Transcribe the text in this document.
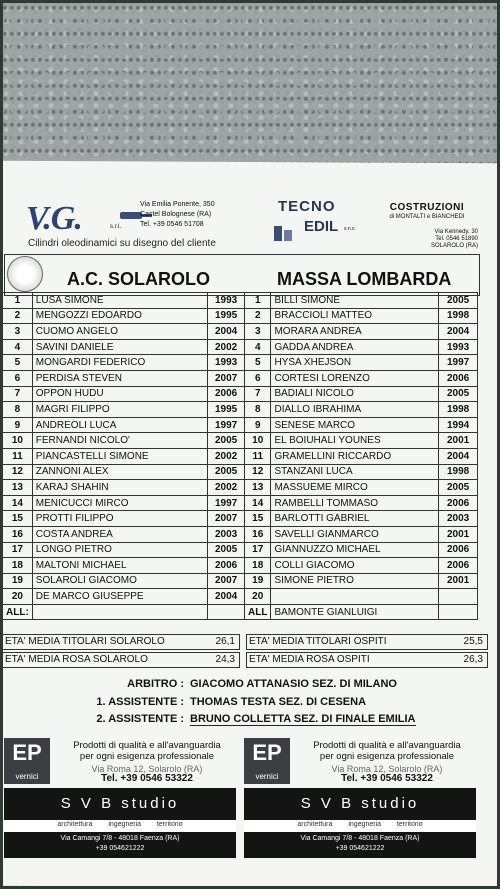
V.G.	s.r.l.
Via Emilia Ponente, 350
Castel Bolognese (RA)
Tel. +39 0546 51708
Cilindri oleodinamici su disegno del cliente
TECNO
EDIL s.n.c.
COSTRUZIONI
di MONTALTI e BIANCHEDI
Via Kennedy, 30
Tel. 0546 51890
SOLAROLO (RA)
A.C. SOLAROLO	MASSA LOMBARDA
1	LUSA SIMONE	1993	1	BILLI SIMONE	2005
2	MENGOZZI EDOARDO	1995	2	BRACCIOLI MATTEO	1998
3	CUOMO ANGELO	2004	3	MORARA ANDREA	2004
4	SAVINI DANIELE	2002	4	GADDA ANDREA	1993
5	MONGARDI FEDERICO	1993	5	HYSA XHEJSON	1997
6	PERDISA STEVEN	2007	6	CORTESI LORENZO	2006
7	OPPON HUDU	2006	7	BADIALI NICOLO	2005
8	MAGRI FILIPPO	1995	8	DIALLO IBRAHIMA	1998
9	ANDREOLI LUCA	1997	9	SENESE MARCO	1994
10	FERNANDI NICOLO'	2005	10	EL BOIUHALI YOUNES	2001
11	PIANCASTELLI SIMONE	2002	11	GRAMELLINI RICCARDO	2004
12	ZANNONI ALEX	2005	12	STANZANI LUCA	1998
13	KARAJ SHAHIN	2002	13	MASSUEME MIRCO	2005
14	MENICUCCI MIRCO	1997	14	RAMBELLI TOMMASO	2006
15	PROTTI FILIPPO	2007	15	BARLOTTI GABRIEL	2003
16	COSTA ANDREA	2003	16	SAVELLI GIANMARCO	2001
17	LONGO PIETRO	2005	17	GIANNUZZO MICHAEL	2006
18	MALTONI MICHAEL	2006	18	COLLI GIACOMO	2006
19	SOLAROLI GIACOMO	2007	19	SIMONE PIETRO	2001
20	DE MARCO GIUSEPPE	2004	20		
ALL:			ALL	BAMONTE GIANLUIGI	
ETA' MEDIA TITOLARI SOLAROLO	26,1 ETA' MEDIA TITOLARI OSPITI	25,5
ETA' MEDIA ROSA SOLAROLO	24,3 ETA' MEDIA ROSA OSPITI	26,3
ARBITRO : GIACOMO ATTANASIO SEZ. DI MILANO
1. ASSISTENTE : THOMAS TESTA SEZ. DI CESENA
2. ASSISTENTE : BRUNO COLLETTA SEZ. DI FINALE EMILIA
EP
vernici
Prodotti di qualità e all'avanguardia
per ogni esigenza professionale
Via Roma 12, Solarolo (RA)
Tel. +39 0546 53322
EP
vernici
Prodotti di qualità e all'avanguardia
per ogni esigenza professionale
Via Roma 12, Solarolo (RA)
Tel. +39 0546 53322
S V B studio
architettura ingegneria territorio
Via Camangi 7/8 - 48018 Faenza (RA)
+39 054621222
S V B studio
architettura ingegneria territorio
Via Camangi 7/8 - 48018 Faenza (RA)
+39 054621222
